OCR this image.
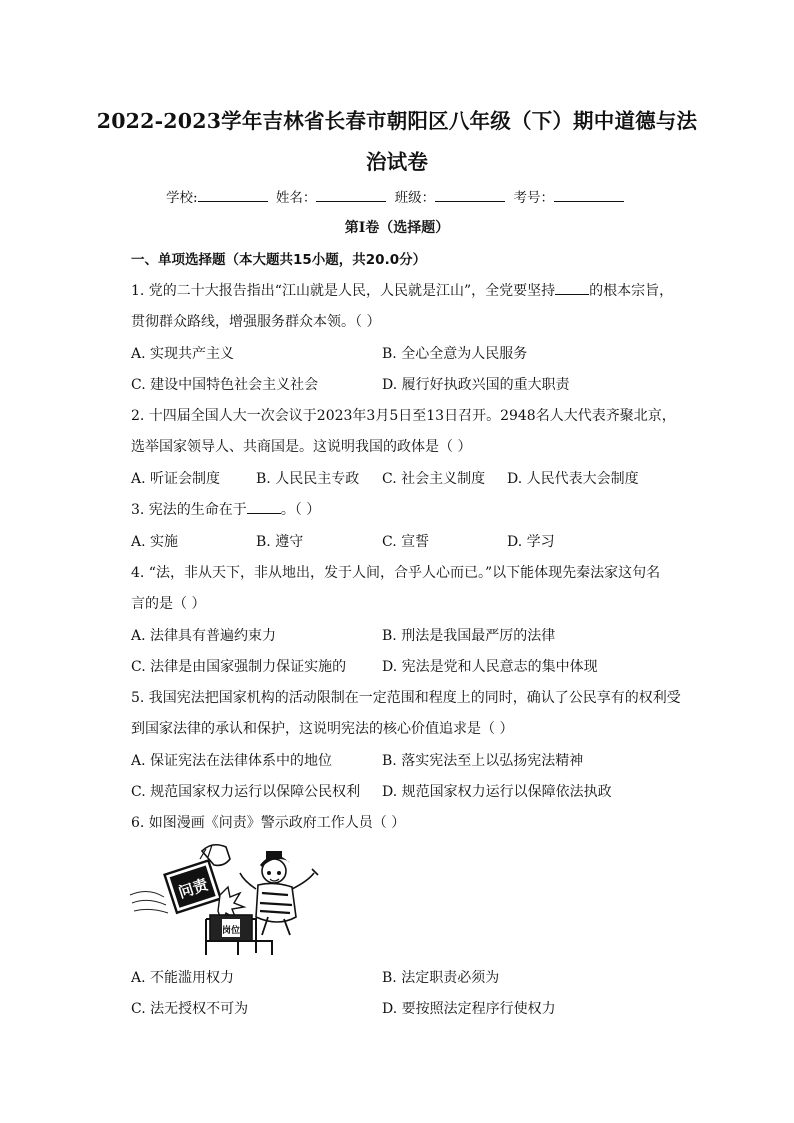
2022-2023学年吉林省长春市朝阳区八年级（下）期中道德与法
治试卷
学校:	姓名：	班级：	考号：
第I卷（选择题）
一、单项选择题（本大题共15小题，共20.0分）
1. 党的二十大报告指出“江山就是人民，人民就是江山”，全党要坚持 的根本宗旨，
贯彻群众路线，增强服务群众本领。（ ）
A. 实现共产主义	B. 全心全意为人民服务
C. 建设中国特色社会主义社会	D. 履行好执政兴国的重大职责
2. 十四届全国人大一次会议于2023年3月5日至13日召开。2948名人大代表齐聚北京，
选举国家领导人、共商国是。这说明我国的政体是（ ）
A. 听证会制度	B. 人民民主专政 C. 社会主义制度 D. 人民代表大会制度
3. 宪法的生命在于 。（ ）
A. 实施	B. 遵守	C. 宣誓	D. 学习
4. “法，非从天下，非从地出，发于人间，合乎人心而已。”以下能体现先秦法家这句名
言的是（ ）
A. 法律具有普遍约束力	B. 刑法是我国最严厉的法律
C. 法律是由国家强制力保证实施的	D. 宪法是党和人民意志的集中体现
5. 我国宪法把国家机构的活动限制在一定范围和程度上的同时，确认了公民享有的权利受
到国家法律的承认和保护，这说明宪法的核心价值追求是（ ）
A. 保证宪法在法律体系中的地位	B. 落实宪法至上以弘扬宪法精神
C. 规范国家权力运行以保障公民权利 D. 规范国家权力运行以保障依法执政
6. 如图漫画《问责》警示政府工作人员（ ）
问责
岗位
A. 不能滥用权力	B. 法定职责必须为
C. 法无授权不可为	D. 要按照法定程序行使权力
